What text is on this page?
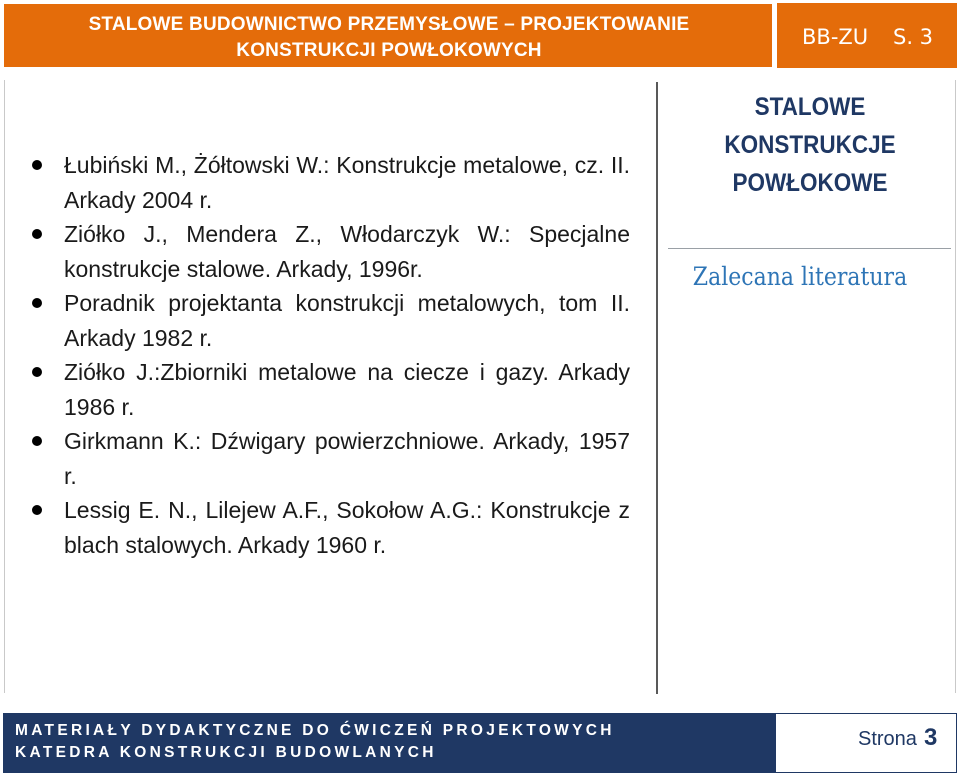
STALOWE BUDOWNICTWO PRZEMYSŁOWE – PROJEKTOWANIE
KONSTRUKCJI POWŁOKOWYCH
BB-ZU S. 3
Łubiński M., Żółtowski W.: Konstrukcje metalowe, cz. II. Arkady 2004 r.
Ziółko J., Mendera Z., Włodarczyk W.: Specjalne konstrukcje stalowe. Arkady, 1996r.
Poradnik projektanta konstrukcji metalowych, tom II. Arkady 1982 r.
Ziółko J.:Zbiorniki metalowe na ciecze i gazy. Arkady 1986 r.
Girkmann K.: Dźwigary powierzchniowe. Arkady, 1957 r.
Lessig E. N., Lilejew A.F., Sokołow A.G.: Konstrukcje z blach stalowych. Arkady 1960 r.
STALOWE
KONSTRUKCJE
POWŁOKOWE
Zalecana literatura
MATERIAŁY DYDAKTYCZNE DO ĆWICZEŃ PROJEKTOWYCH
KATEDRA KONSTRUKCJI BUDOWLANYCH
Strona 3
